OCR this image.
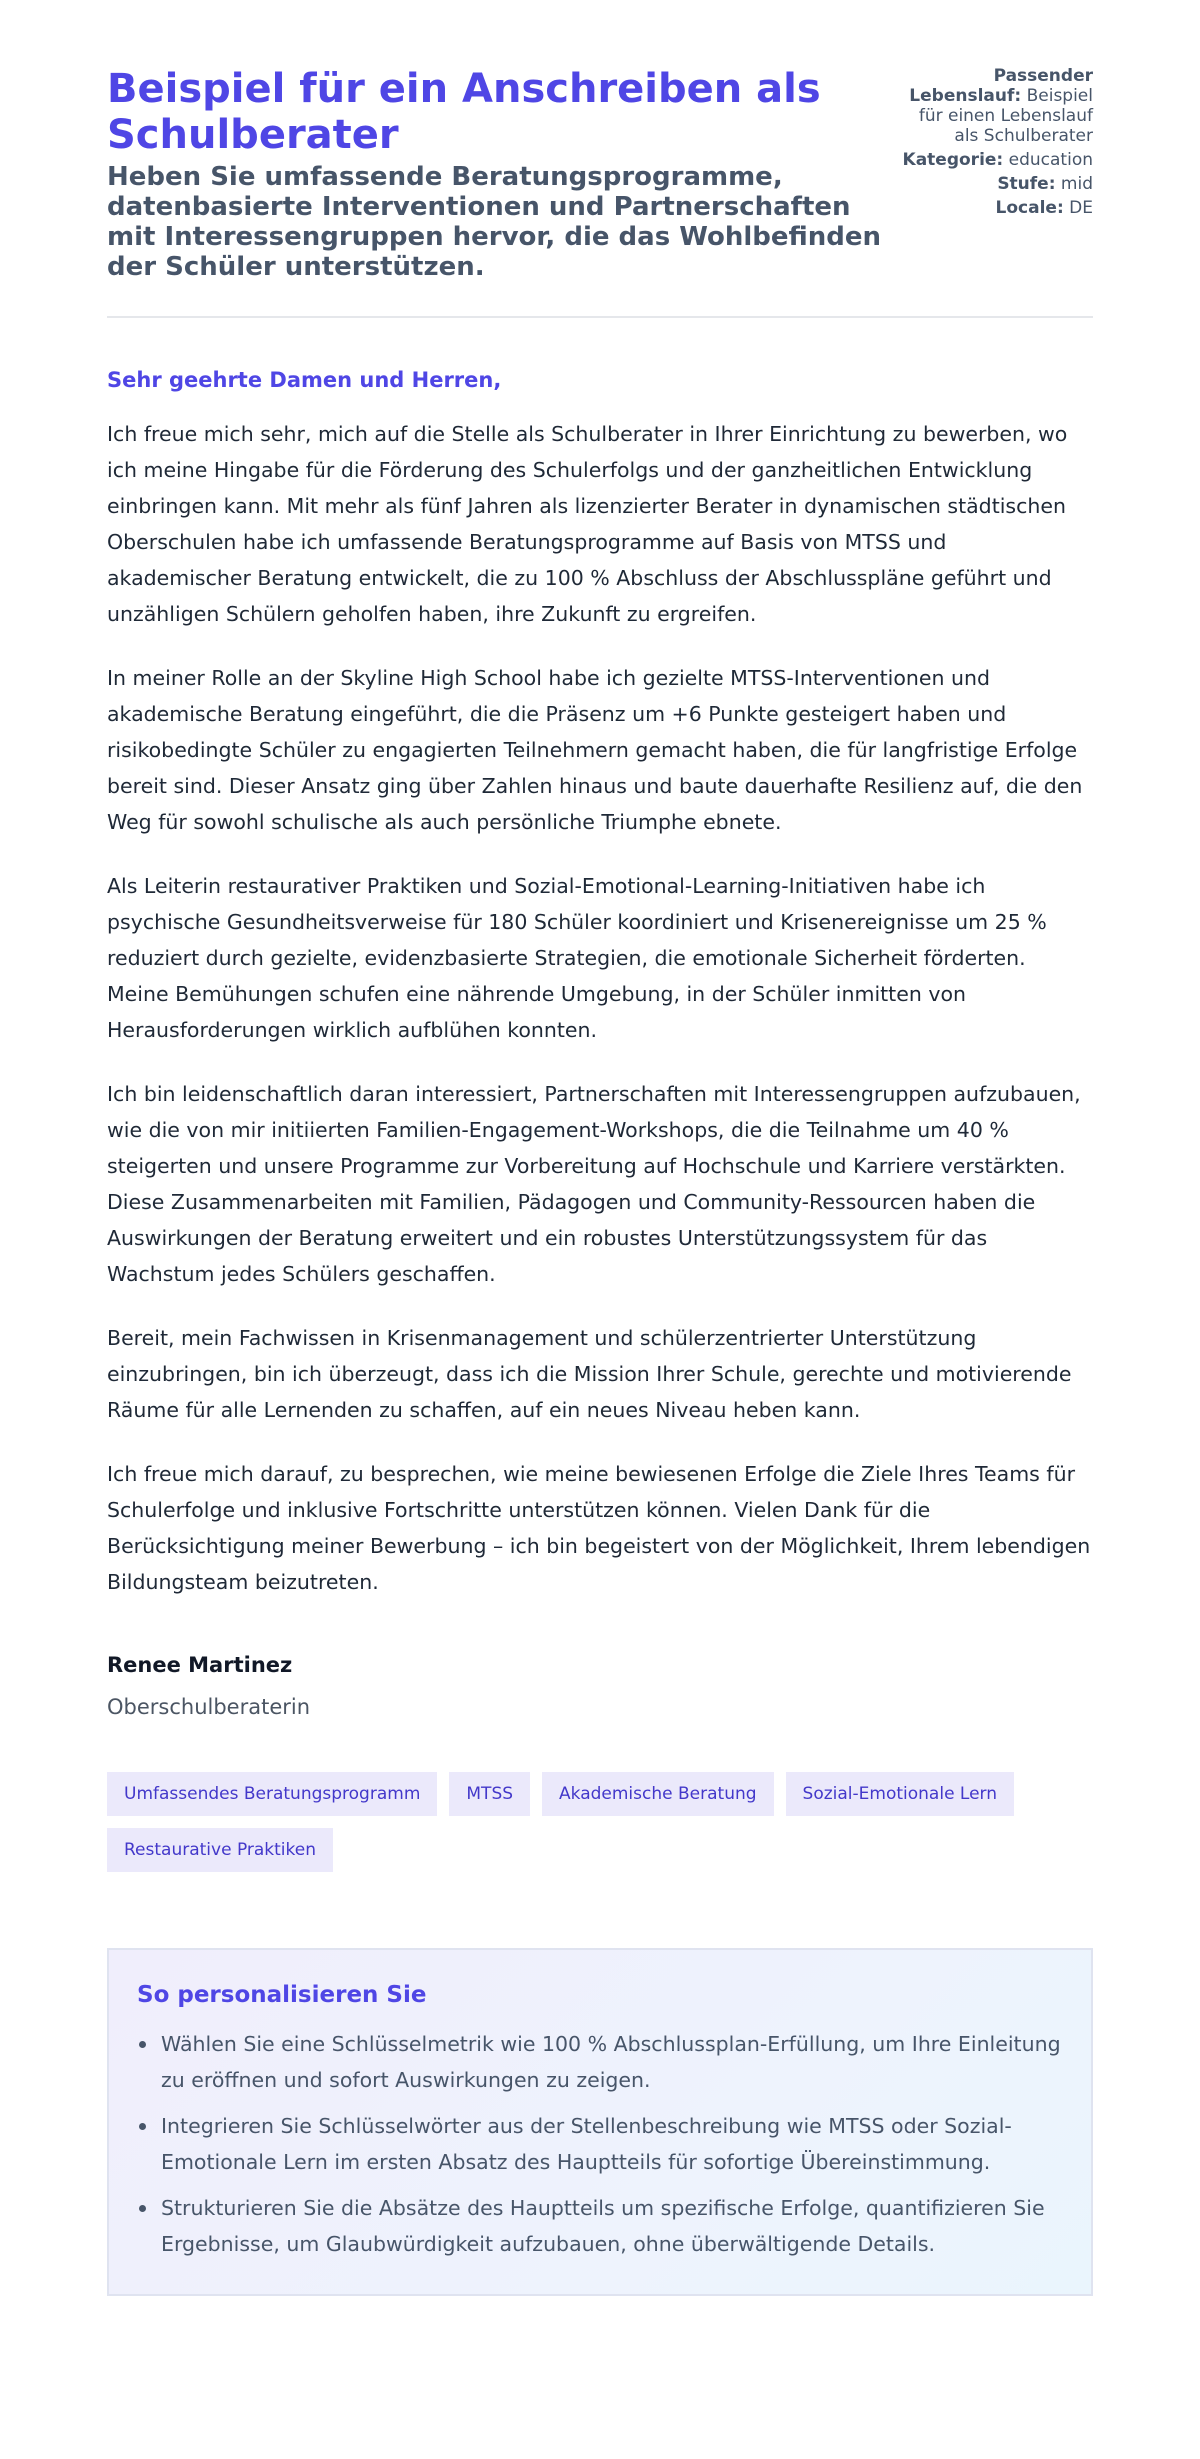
Beispiel für ein Anschreiben als Schulberater
Heben Sie umfassende Beratungsprogramme, datenbasierte Interventionen und Partnerschaften mit Interessengruppen hervor, die das Wohlbefinden der Schüler unterstützen.
Passender Lebenslauf: Beispiel für einen Lebenslauf als Schulberater
Kategorie: education
Stufe: mid
Locale: DE

Sehr geehrte Damen und Herren,

Ich freue mich sehr, mich auf die Stelle als Schulberater in Ihrer Einrichtung zu bewerben, wo ich meine Hingabe für die Förderung des Schulerfolgs und der ganzheitlichen Entwicklung einbringen kann. Mit mehr als fünf Jahren als lizenzierter Berater in dynamischen städtischen Oberschulen habe ich umfassende Beratungsprogramme auf Basis von MTSS und akademischer Beratung entwickelt, die zu 100 % Abschluss der Abschlusspläne geführt und unzähligen Schülern geholfen haben, ihre Zukunft zu ergreifen.

In meiner Rolle an der Skyline High School habe ich gezielte MTSS-Interventionen und akademische Beratung eingeführt, die die Präsenz um +6 Punkte gesteigert haben und risikobedingte Schüler zu engagierten Teilnehmern gemacht haben, die für langfristige Erfolge bereit sind. Dieser Ansatz ging über Zahlen hinaus und baute dauerhafte Resilienz auf, die den Weg für sowohl schulische als auch persönliche Triumphe ebnete.

Als Leiterin restaurativer Praktiken und Sozial-Emotional-Learning-Initiativen habe ich psychische Gesundheitsverweise für 180 Schüler koordiniert und Krisenereignisse um 25 % reduziert durch gezielte, evidenzbasierte Strategien, die emotionale Sicherheit förderten. Meine Bemühungen schufen eine nährende Umgebung, in der Schüler inmitten von Herausforderungen wirklich aufblühen konnten.

Ich bin leidenschaftlich daran interessiert, Partnerschaften mit Interessengruppen aufzubauen, wie die von mir initiierten Familien-Engagement-Workshops, die die Teilnahme um 40 % steigerten und unsere Programme zur Vorbereitung auf Hochschule und Karriere verstärkten. Diese Zusammenarbeiten mit Familien, Pädagogen und Community-Ressourcen haben die Auswirkungen der Beratung erweitert und ein robustes Unterstützungssystem für das Wachstum jedes Schülers geschaffen.

Bereit, mein Fachwissen in Krisenmanagement und schülerzentrierter Unterstützung einzubringen, bin ich überzeugt, dass ich die Mission Ihrer Schule, gerechte und motivierende Räume für alle Lernenden zu schaffen, auf ein neues Niveau heben kann.

Ich freue mich darauf, zu besprechen, wie meine bewiesenen Erfolge die Ziele Ihres Teams für Schulerfolge und inklusive Fortschritte unterstützen können. Vielen Dank für die Berücksichtigung meiner Bewerbung – ich bin begeistert von der Möglichkeit, Ihrem lebendigen Bildungsteam beizutreten.

Renee Martinez
Oberschulberaterin
Umfassendes Beratungsprogramm	MTSS	Akademische Beratung	Sozial-Emotionale Lern
Restaurative Praktiken
So personalisieren Sie
Wählen Sie eine Schlüsselmetrik wie 100 % Abschlussplan-Erfüllung, um Ihre Einleitung zu eröffnen und sofort Auswirkungen zu zeigen.
Integrieren Sie Schlüsselwörter aus der Stellenbeschreibung wie MTSS oder Sozial-Emotionale Lern im ersten Absatz des Hauptteils für sofortige Übereinstimmung.
Strukturieren Sie die Absätze des Hauptteils um spezifische Erfolge, quantifizieren Sie Ergebnisse, um Glaubwürdigkeit aufzubauen, ohne überwältigende Details.
